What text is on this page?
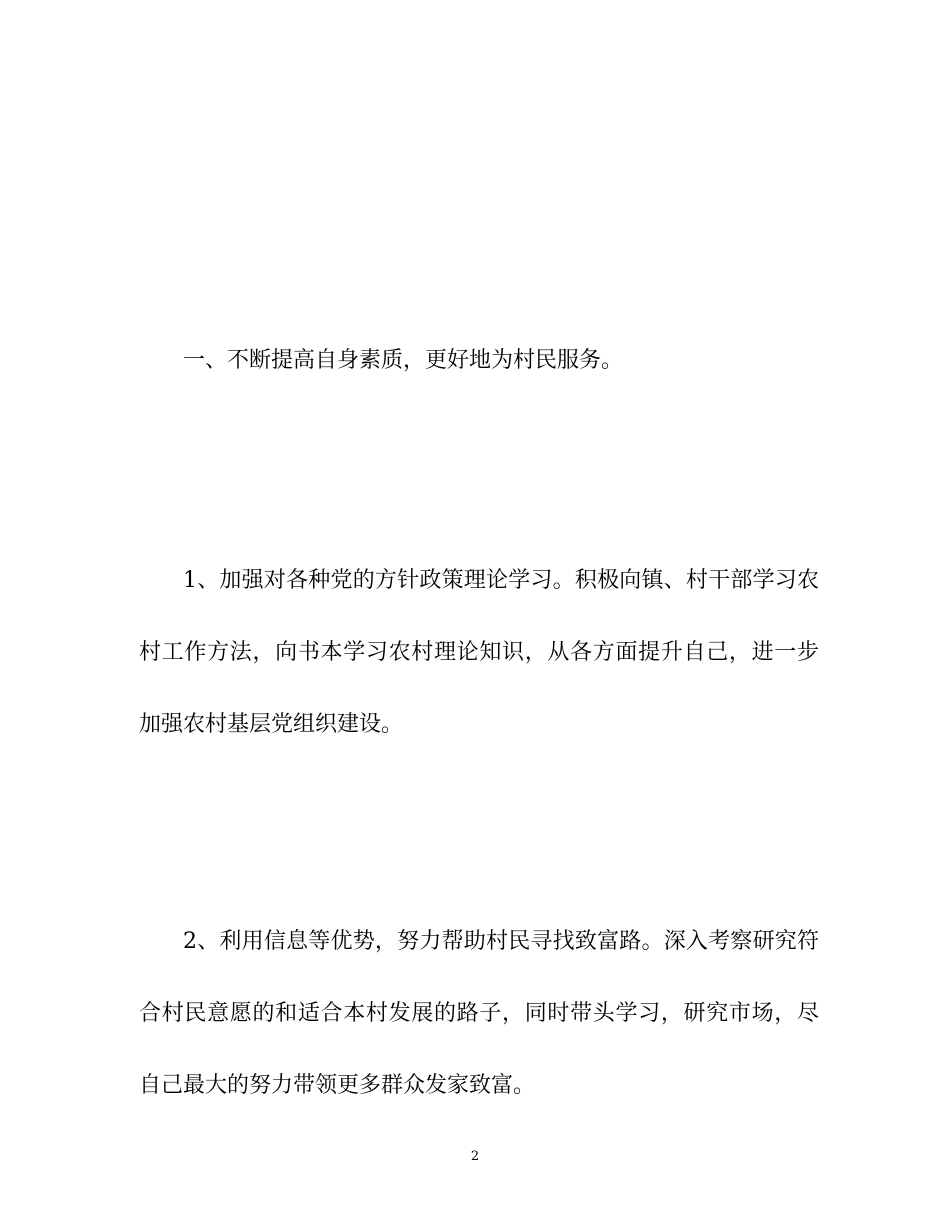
一、不断提高自身素质，更好地为村民服务。

1、加强对各种党的方针政策理论学习。积极向镇、村干部学习农村工作方法，向书本学习农村理论知识，从各方面提升自己，进一步加强农村基层党组织建设。

2、利用信息等优势，努力帮助村民寻找致富路。深入考察研究符合村民意愿的和适合本村发展的路子，同时带头学习，研究市场，尽自己最大的努力带领更多群众发家致富。

2
